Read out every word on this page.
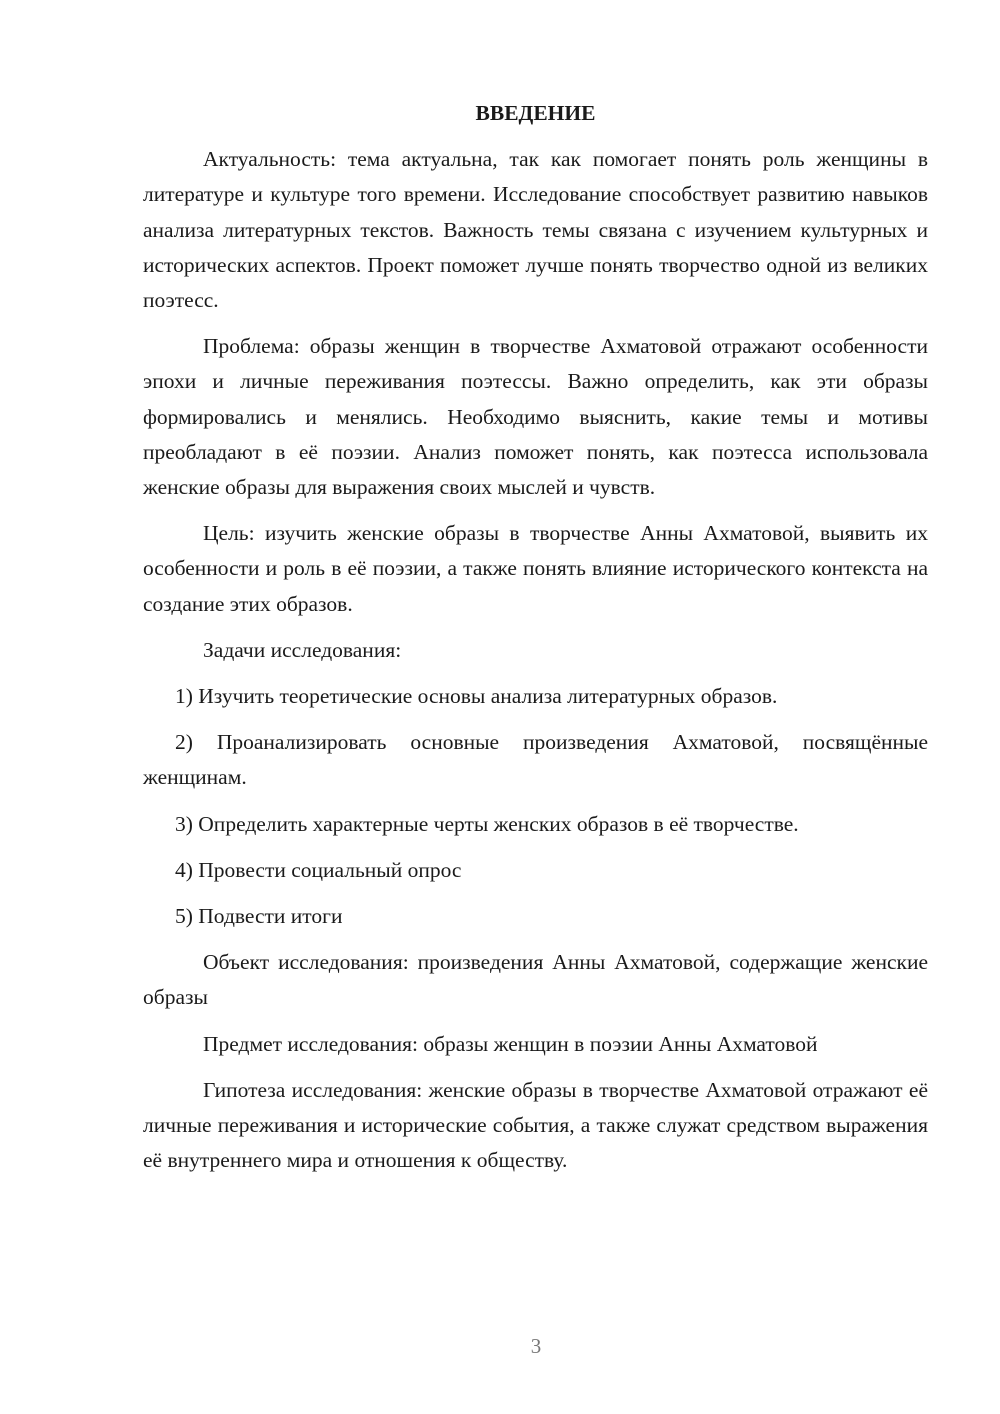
ВВЕДЕНИЕ

Актуальность: тема актуальна, так как помогает понять роль женщины в литературе и культуре того времени. Исследование способствует развитию навыков анализа литературных текстов. Важность темы связана с изучением культурных и исторических аспектов. Проект поможет лучше понять творчество одной из великих поэтесс.

Проблема: образы женщин в творчестве Ахматовой отражают особенности эпохи и личные переживания поэтессы. Важно определить, как эти образы формировались и менялись. Необходимо выяснить, какие темы и мотивы преобладают в её поэзии. Анализ поможет понять, как поэтесса использовала женские образы для выражения своих мыслей и чувств.

Цель: изучить женские образы в творчестве Анны Ахматовой, выявить их особенности и роль в её поэзии, а также понять влияние исторического контекста на создание этих образов.

Задачи исследования:

1) Изучить теоретические основы анализа литературных образов.

2) Проанализировать основные произведения Ахматовой, посвящённые женщинам.

3) Определить характерные черты женских образов в её творчестве.

4) Провести социальный опрос

5) Подвести итоги

Объект исследования: произведения Анны Ахматовой, содержащие женские образы

Предмет исследования: образы женщин в поэзии Анны Ахматовой

Гипотеза исследования: женские образы в творчестве Ахматовой отражают её личные переживания и исторические события, а также служат средством выражения её внутреннего мира и отношения к обществу.

3
